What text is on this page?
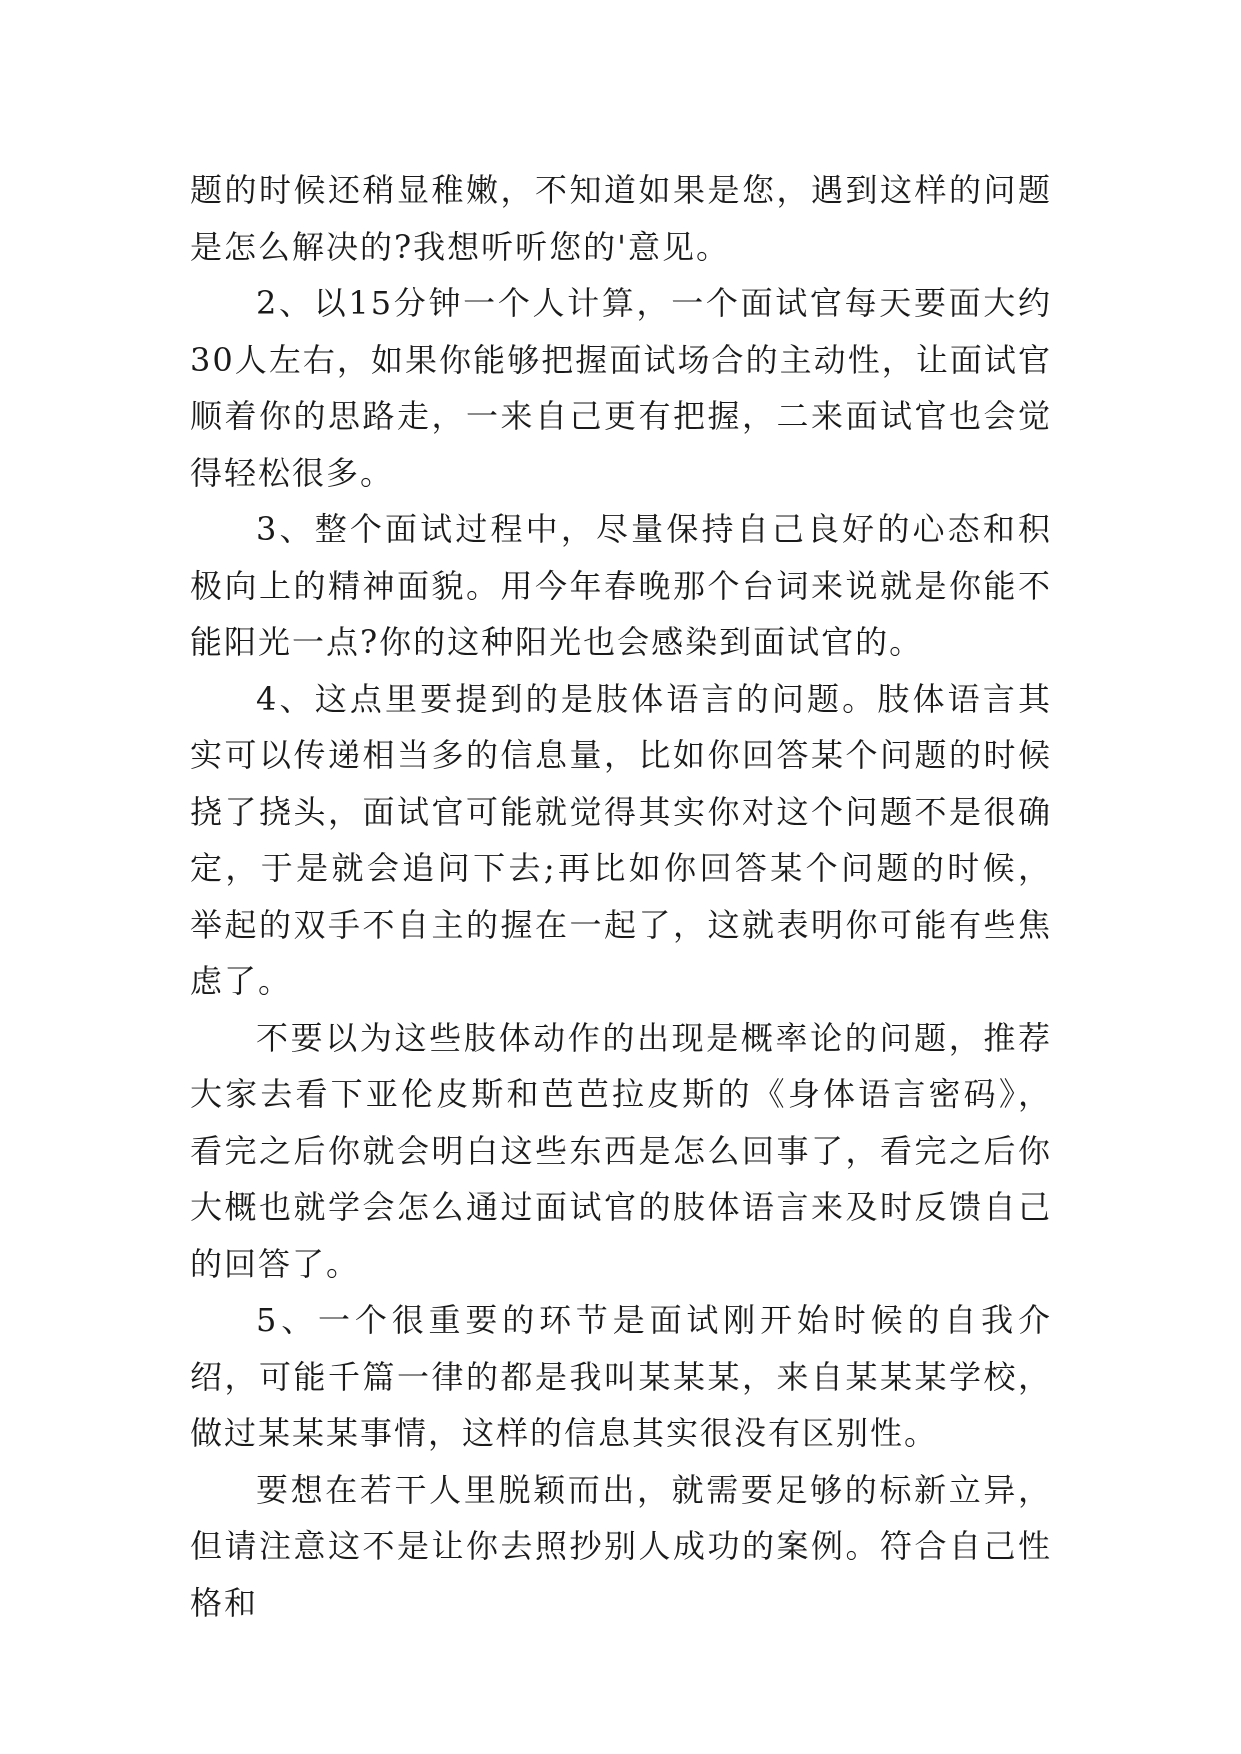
题的时候还稍显稚嫩，不知道如果是您，遇到这样的问题是怎么解决的?我想听听您的'意见。

2、以15分钟一个人计算，一个面试官每天要面大约30人左右，如果你能够把握面试场合的主动性，让面试官顺着你的思路走，一来自己更有把握，二来面试官也会觉得轻松很多。

3、整个面试过程中，尽量保持自己良好的心态和积极向上的精神面貌。用今年春晚那个台词来说就是你能不能阳光一点?你的这种阳光也会感染到面试官的。

4、这点里要提到的是肢体语言的问题。肢体语言其实可以传递相当多的信息量，比如你回答某个问题的时候挠了挠头，面试官可能就觉得其实你对这个问题不是很确定，于是就会追问下去;再比如你回答某个问题的时候，举起的双手不自主的握在一起了，这就表明你可能有些焦虑了。

不要以为这些肢体动作的出现是概率论的问题，推荐大家去看下亚伦皮斯和芭芭拉皮斯的《身体语言密码》，看完之后你就会明白这些东西是怎么回事了，看完之后你大概也就学会怎么通过面试官的肢体语言来及时反馈自己的回答了。

5、一个很重要的环节是面试刚开始时候的自我介绍，可能千篇一律的都是我叫某某某，来自某某某学校，做过某某某事情，这样的信息其实很没有区别性。

要想在若干人里脱颖而出，就需要足够的标新立异，但请注意这不是让你去照抄别人成功的案例。符合自己性格和
